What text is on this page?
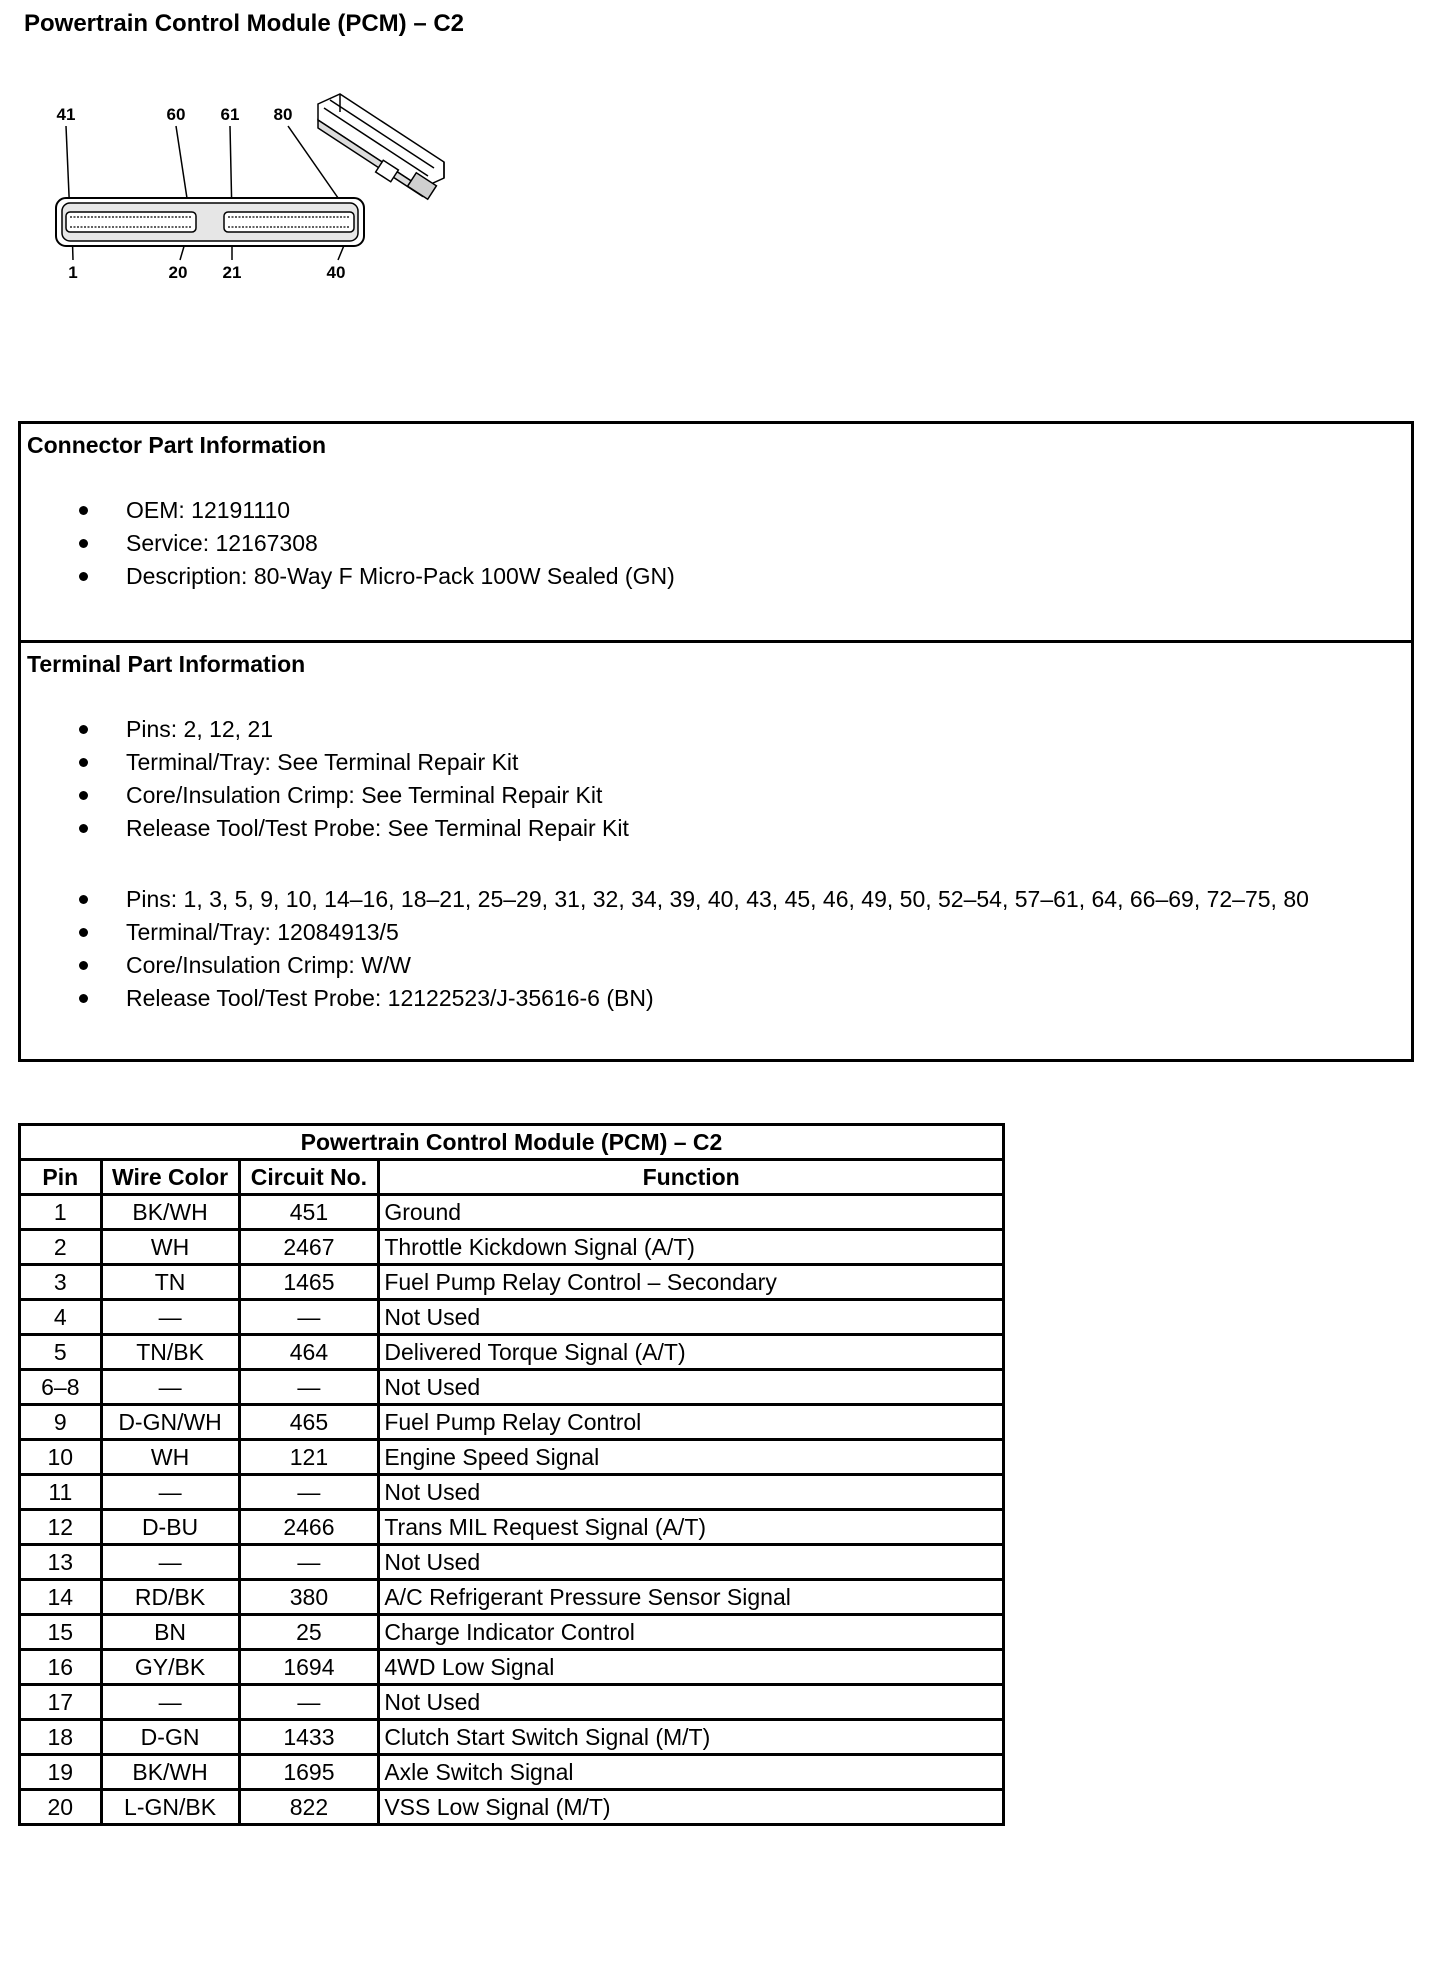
Powertrain Control Module (PCM) – C2
41	60 61 80
1	20 21	40
Connector Part Information
OEM: 12191110
Service: 12167308
Description: 80-Way F Micro-Pack 100W Sealed (GN)
Terminal Part Information
Pins: 2, 12, 21
Terminal/Tray: See Terminal Repair Kit
Core/Insulation Crimp: See Terminal Repair Kit
Release Tool/Test Probe: See Terminal Repair Kit
Pins: 1, 3, 5, 9, 10, 14–16, 18–21, 25–29, 31, 32, 34, 39, 40, 43, 45, 46, 49, 50, 52–54, 57–61, 64, 66–69, 72–75, 80
Terminal/Tray: 12084913/5
Core/Insulation Crimp: W/W
Release Tool/Test Probe: 12122523/J-35616-6 (BN)
Powertrain Control Module (PCM) – C2			
Pin	Wire Color	Circuit No.	Function
1	BK/WH	451	Ground
2	WH	2467	Throttle Kickdown Signal (A/T)
3	TN	1465	Fuel Pump Relay Control – Secondary
4	—	—	Not Used
5	TN/BK	464	Delivered Torque Signal (A/T)
6–8	—	—	Not Used
9	D-GN/WH	465	Fuel Pump Relay Control
10	WH	121	Engine Speed Signal
11	—	—	Not Used
12	D-BU	2466	Trans MIL Request Signal (A/T)
13	—	—	Not Used
14	RD/BK	380	A/C Refrigerant Pressure Sensor Signal
15	BN	25	Charge Indicator Control
16	GY/BK	1694	4WD Low Signal
17	—	—	Not Used
18	D-GN	1433	Clutch Start Switch Signal (M/T)
19	BK/WH	1695	Axle Switch Signal
20	L-GN/BK	822	VSS Low Signal (M/T)
